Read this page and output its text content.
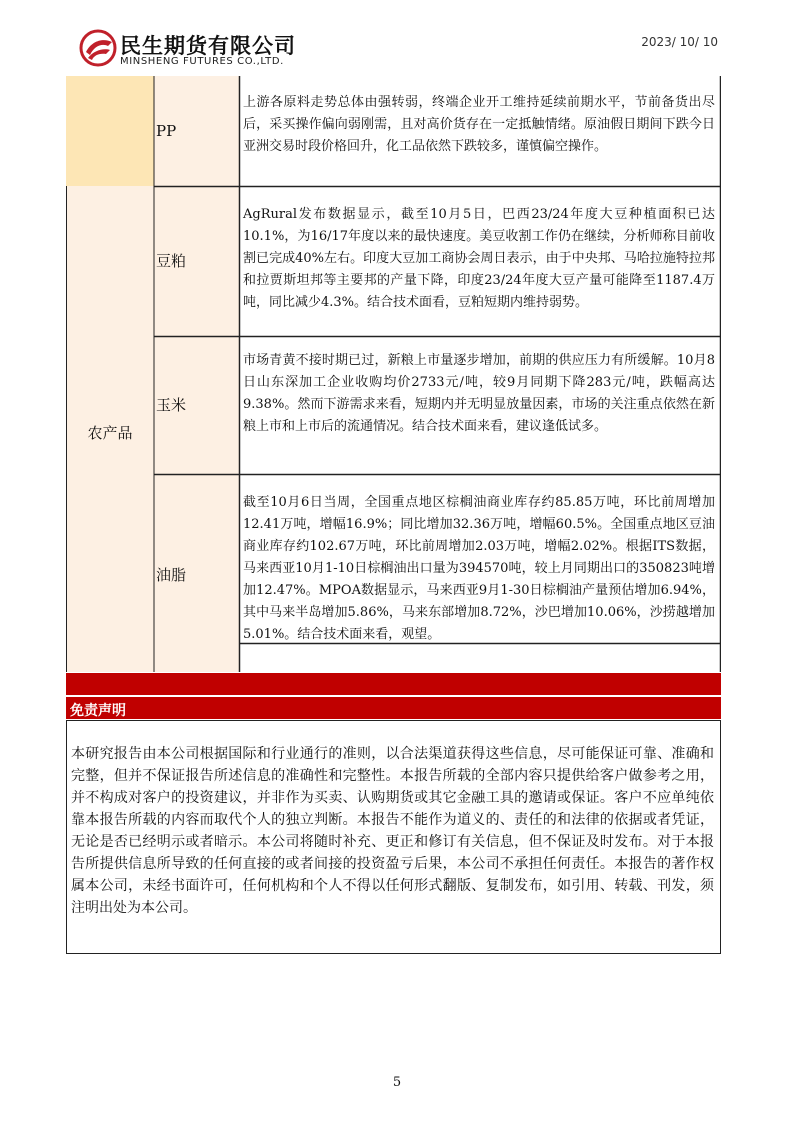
民生期货有限公司
MINSHENG FUTURES CO.,LTD.
2023/ 10/ 10
农产品
PP
上游各原料走势总体由强转弱，终端企业开工维持延续前期水平，节前备货出尽后，采买操作偏向弱刚需，且对高价货存在一定抵触情绪。原油假日期间下跌今日亚洲交易时段价格回升，化工品依然下跌较多，谨慎偏空操作。
豆粕
AgRural发布数据显示，截至10月5日，巴西23/24年度大豆种植面积已达10.1%，为16/17年度以来的最快速度。美豆收割工作仍在继续，分析师称目前收割已完成40%左右。印度大豆加工商协会周日表示，由于中央邦、马哈拉施特拉邦和拉贾斯坦邦等主要邦的产量下降，印度23/24年度大豆产量可能降至1187.4万吨，同比减少4.3%。结合技术面看，豆粕短期内维持弱势。
玉米
市场青黄不接时期已过，新粮上市量逐步增加，前期的供应压力有所缓解。10月8日山东深加工企业收购均价2733元/吨，较9月同期下降283元/吨，跌幅高达9.38%。然而下游需求来看，短期内并无明显放量因素，市场的关注重点依然在新粮上市和上市后的流通情况。结合技术面来看，建议逢低试多。
油脂
截至10月6日当周，全国重点地区棕榈油商业库存约85.85万吨，环比前周增加12.41万吨，增幅16.9%；同比增加32.36万吨，增幅60.5%。全国重点地区豆油商业库存约102.67万吨，环比前周增加2.03万吨，增幅2.02%。根据ITS数据，马来西亚10月1-10日棕榈油出口量为394570吨，较上月同期出口的350823吨增加12.47%。MPOA数据显示，马来西亚9月1-30日棕榈油产量预估增加6.94%，其中马来半岛增加5.86%，马来东部增加8.72%，沙巴增加10.06%，沙捞越增加5.01%。结合技术面来看，观望。
免责声明
本研究报告由本公司根据国际和行业通行的准则，以合法渠道获得这些信息，尽可能保证可靠、准确和完整，但并不保证报告所述信息的准确性和完整性。本报告所载的全部内容只提供给客户做参考之用，并不构成对客户的投资建议，并非作为买卖、认购期货或其它金融工具的邀请或保证。客户不应单纯依靠本报告所载的内容而取代个人的独立判断。本报告不能作为道义的、责任的和法律的依据或者凭证，无论是否已经明示或者暗示。本公司将随时补充、更正和修订有关信息，但不保证及时发布。对于本报告所提供信息所导致的任何直接的或者间接的投资盈亏后果，本公司不承担任何责任。本报告的著作权属本公司，未经书面许可，任何机构和个人不得以任何形式翻版、复制发布，如引用、转载、刊发，须注明出处为本公司。
5
